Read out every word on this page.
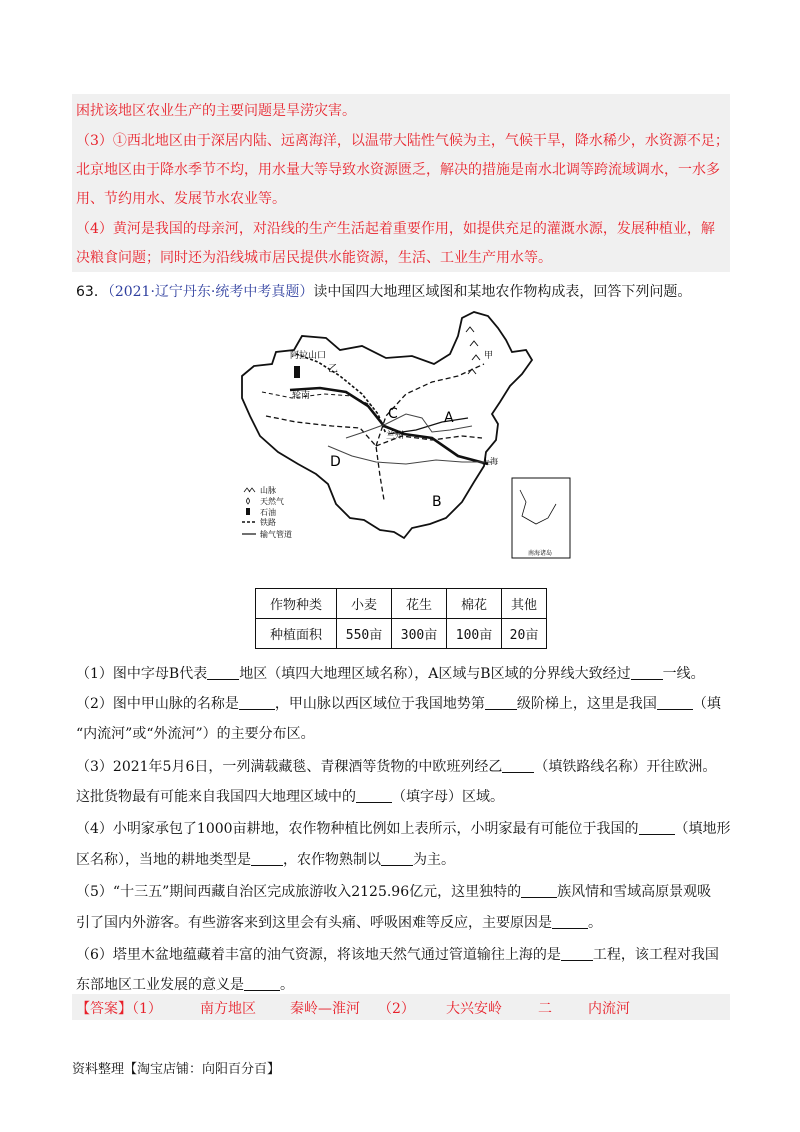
困扰该地区农业生产的主要问题是旱涝灾害。
（3）①西北地区由于深居内陆、远离海洋，以温带大陆性气候为主，气候干旱，降水稀少，水资源不足；
北京地区由于降水季节不均，用水量大等导致水资源匮乏，解决的措施是南水北调等跨流域调水，一水多
用、节约用水、发展节水农业等。
（4）黄河是我国的母亲河，对沿线的生产生活起着重要作用，如提供充足的灌溉水源，发展种植业，解
决粮食问题；同时还为沿线城市居民提供水能资源，生活、工业生产用水等。
63．（2021·辽宁丹东·统考中考真题）读中国四大地理区域图和某地农作物构成表，回答下列问题。
南海诸岛
阿拉山口
乙
轮南
C	A
甲
D
兰州
上海
B
山脉
天然气
石油
铁路
输气管道
作物种类	小麦	花生	棉花	其他
种植面积	550亩	300亩	100亩	20亩
（1）图中字母B代表 地区（填四大地理区域名称），A区域与B区域的分界线大致经过 一线。
（2）图中甲山脉的名称是	，甲山脉以西区域位于我国地势第 级阶梯上，这里是我国	（填
“内流河”或“外流河”）的主要分布区。
（3）2021年5月6日，一列满载藏毯、青稞酒等货物的中欧班列经乙 （填铁路线名称）开往欧洲。
这批货物最有可能来自我国四大地理区域中的	（填字母）区域。
（4）小明家承包了1000亩耕地，农作物种植比例如上表所示，小明家最有可能位于我国的	（填地形
区名称），当地的耕地类型是 ，农作物熟制以 为主。
（5）“十三五”期间西藏自治区完成旅游收入2125.96亿元，这里独特的	族风情和雪域高原景观吸
引了国内外游客。有些游客来到这里会有头痛、呼吸困难等反应，主要原因是	。
（6）塔里木盆地蕴藏着丰富的油气资源，将该地天然气通过管道输往上海的是 工程，该工程对我国
东部地区工业发展的意义是	。
【答案】（1）	南方地区 秦岭—淮河 （2） 大兴安岭	二	内流河
资料整理【淘宝店铺：向阳百分百】
